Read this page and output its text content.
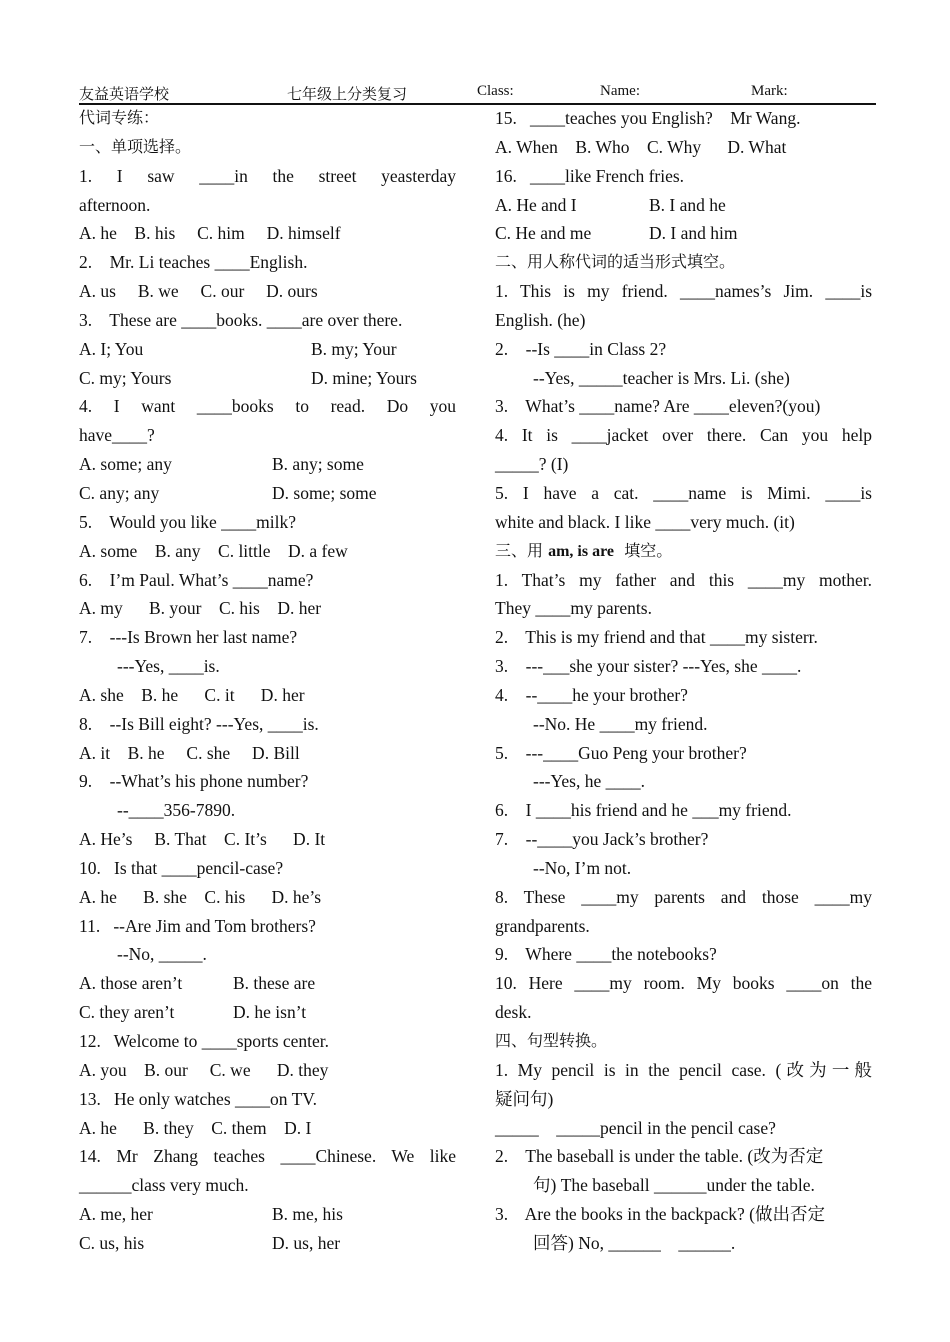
友益英语学校	七年级上分类复习	Class:	Name:	Mark:
代词专练：
一、单项选择。
1. I saw ____in the street yeasterday
afternoon.
A. he    B. his     C. him     D. himself
2.    Mr. Li teaches ____English.
A. us     B. we     C. our     D. ours
3.    These are ____books. ____are over there.
A. I; You	B. my; Your
C. my; Yours	D. mine; Yours
4. I want ____books to read. Do you
have____?
A. some; any	B. any; some
C. any; any	D. some; some
5.    Would you like ____milk?
A. some    B. any    C. little    D. a few
6.    I’m Paul. What’s ____name?
A. my      B. your    C. his    D. her
7.    ---Is Brown her last name?
---Yes, ____is.
A. she    B. he      C. it      D. her
8.    --Is Bill eight? ---Yes, ____is.
A. it    B. he     C. she     D. Bill
9.    --What’s his phone number?
--____356-7890.
A. He’s     B. That    C. It’s      D. It
10.   Is that ____pencil-case?
A. he      B. she    C. his      D. he’s
11.   --Are Jim and Tom brothers?
--No, _____.
A. those aren’t	B. these are
C. they aren’t	D. he isn’t
12.   Welcome to ____sports center.
A. you    B. our     C. we      D. they
13.   He only watches ____on TV.
A. he      B. they    C. them    D. I
14. Mr Zhang teaches ____Chinese. We like
______class very much.
A. me, her	B. me, his
C. us, his	D. us, her
15.   ____teaches you English?    Mr Wang.
A. When    B. Who    C. Why      D. What
16.   ____like French fries.
A. He and I	B. I and he
C. He and me	D. I and him
二、用人称代词的适当形式填空。
1. This is my friend. ____names’s Jim. ____is
English. (he)
2.    --Is ____in Class 2?
--Yes, _____teacher is Mrs. Li. (she)
3.    What’s ____name? Are ____eleven?(you)
4. It is ____jacket over there. Can you help
_____? (I)
5. I have a cat. ____name is Mimi. ____is
white and black. I like ____very much. (it)
三、用 am, is are  填空。
1. That’s my father and this ____my mother.
They ____my parents.
2.    This is my friend and that ____my sisterr.
3.    ---___she your sister? ---Yes, she ____.
4.    --____he your brother?
--No. He ____my friend.
5.    ---____Guo Peng your brother?
---Yes, he ____.
6.    I ____his friend and he ___my friend.
7.    --____you Jack’s brother?
--No, I’m not.
8. These ____my parents and those ____my
grandparents.
9.    Where ____the notebooks?
10. Here ____my room. My books ____on the
desk.
四、句型转换。
1. My pencil is in the pencil case. (改为一般
疑问句)
_____    _____pencil in the pencil case?
2.    The baseball is under the table. (改为否定
句) The baseball ______under the table.
3.    Are the books in the backpack? (做出否定
回答) No, ______    ______.
